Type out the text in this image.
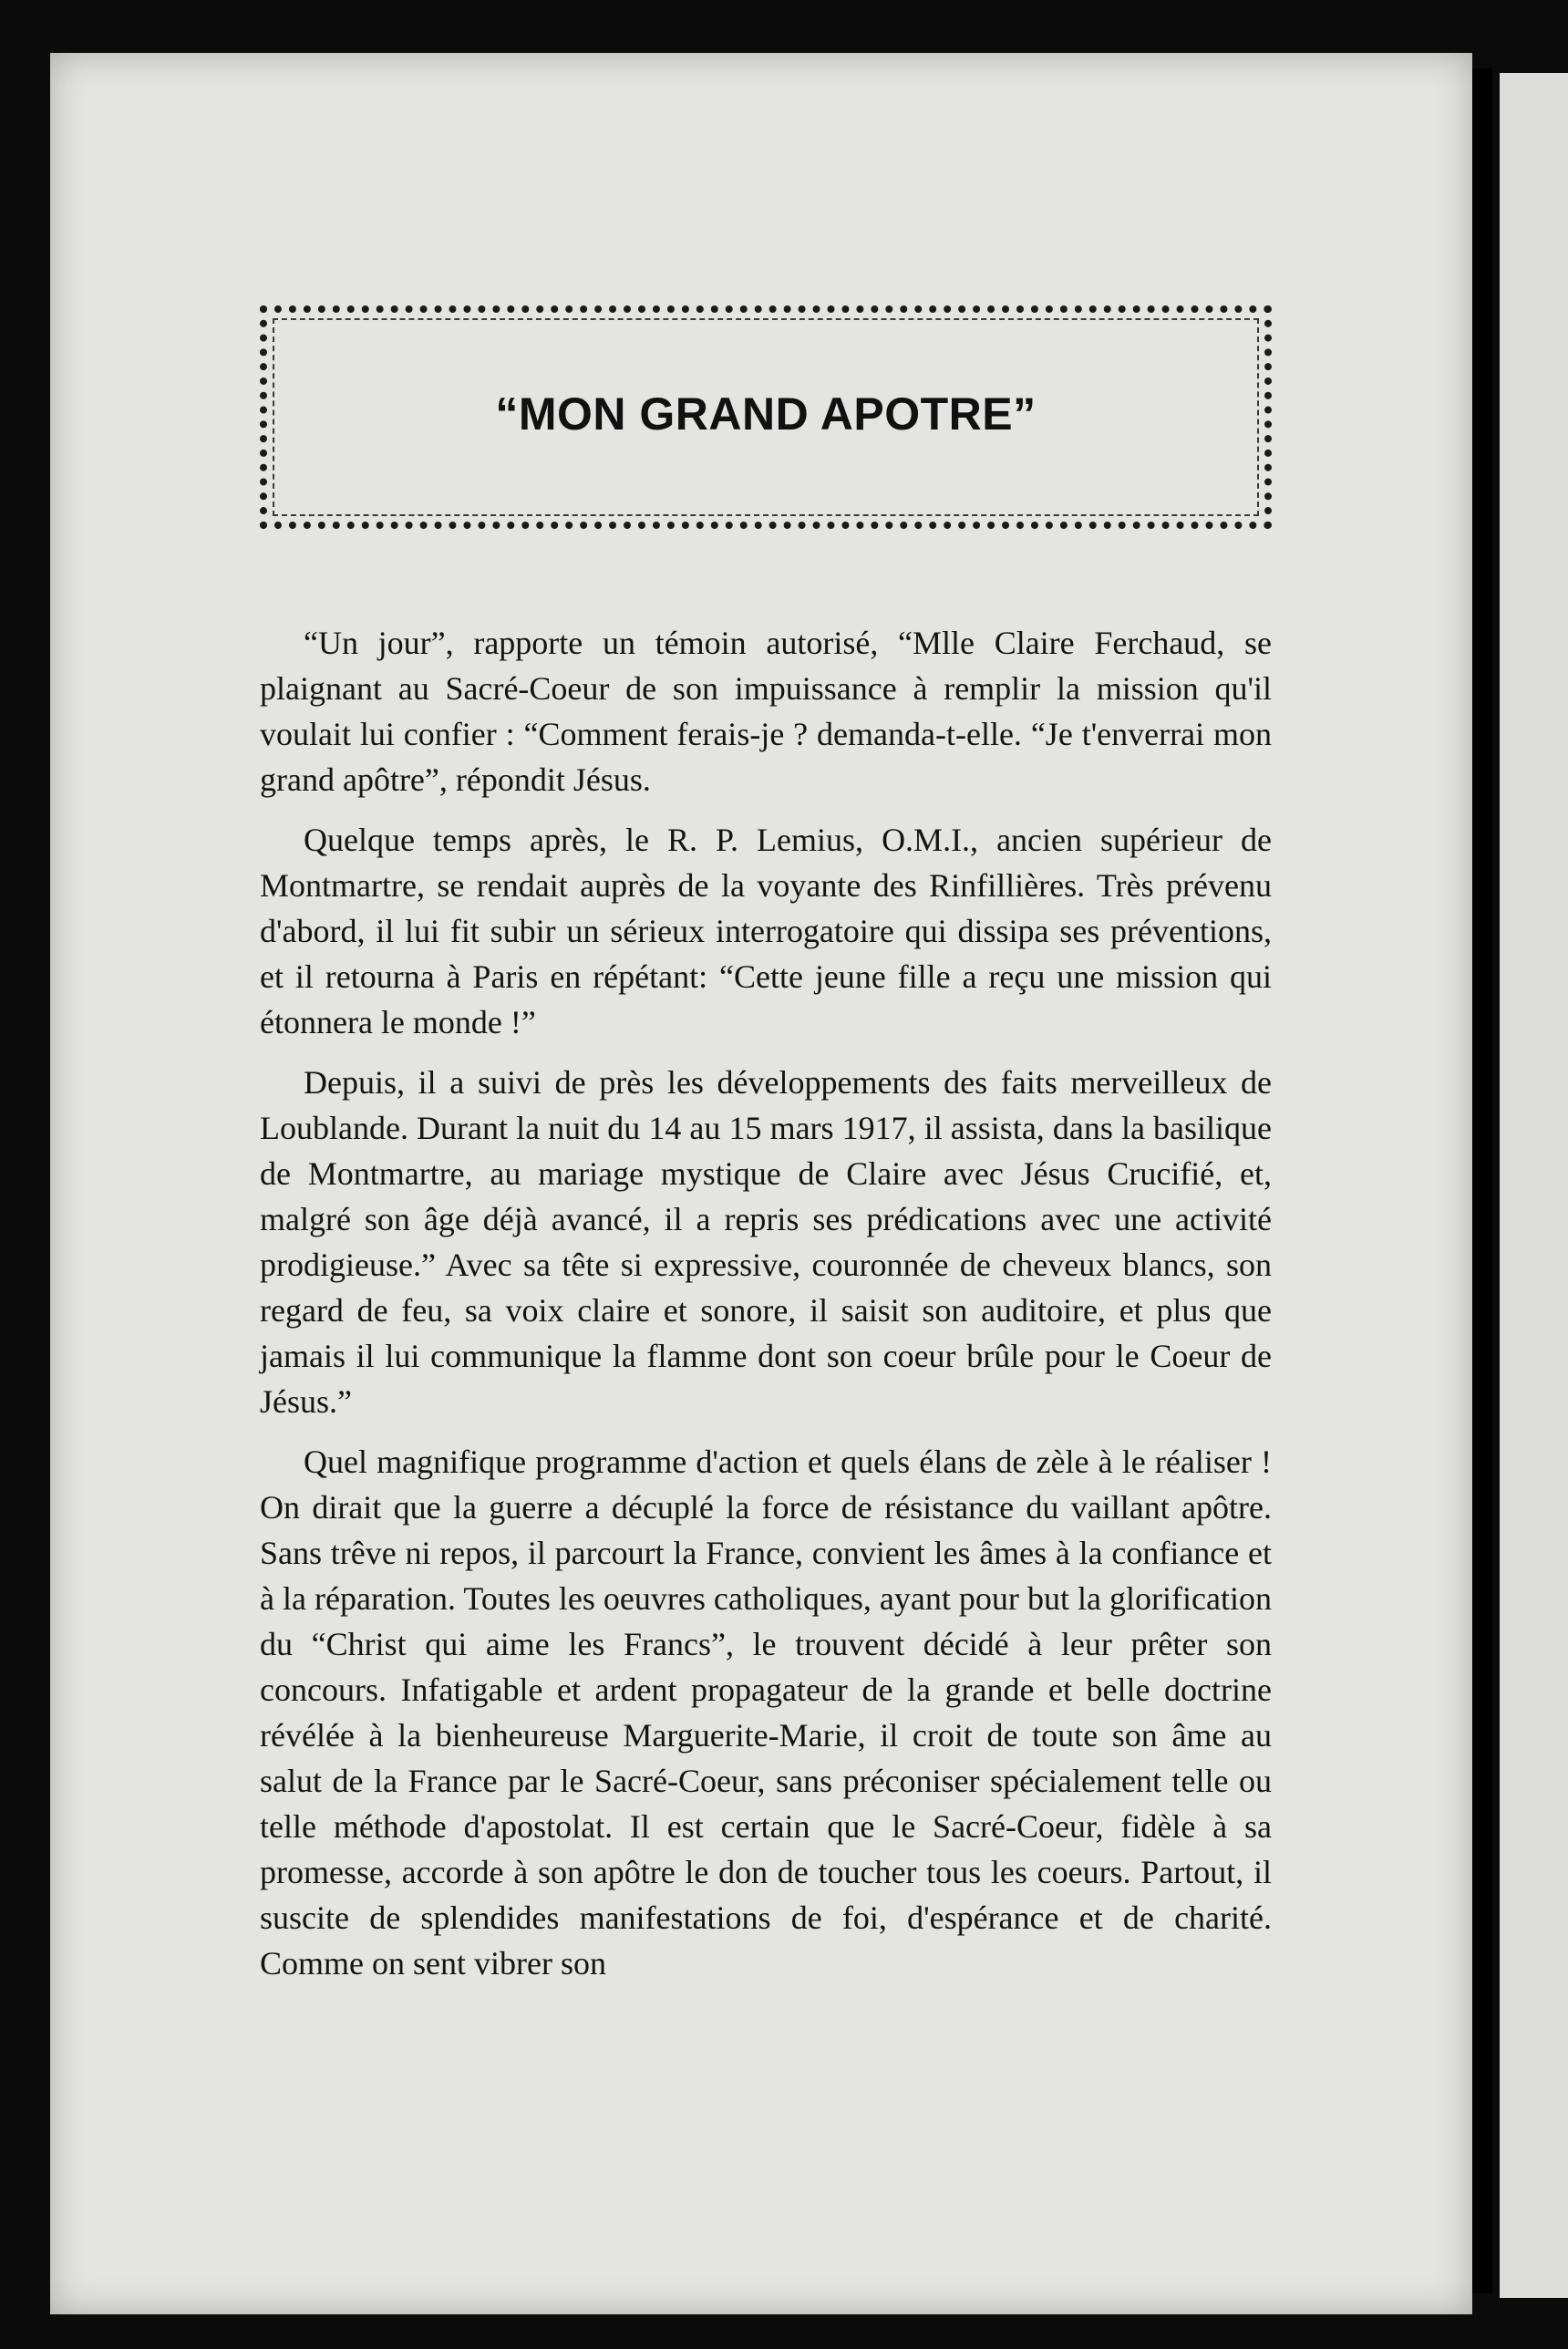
“MON GRAND APOTRE”

“Un jour”, rapporte un témoin autorisé, “Mlle Claire Ferchaud, se plaignant au Sacré-Coeur de son impuissance à remplir la mission qu'il voulait lui confier : “Comment ferais-je ? demanda-t-elle. “Je t'enverrai mon grand apôtre”, répondit Jésus.

Quelque temps après, le R. P. Lemius, O.M.I., ancien supérieur de Montmartre, se rendait auprès de la voyante des Rinfillières. Très prévenu d'abord, il lui fit subir un sérieux interrogatoire qui dissipa ses préventions, et il retourna à Paris en répétant: “Cette jeune fille a reçu une mission qui étonnera le monde !”

Depuis, il a suivi de près les développements des faits merveilleux de Loublande. Durant la nuit du 14 au 15 mars 1917, il assista, dans la basilique de Montmartre, au mariage mystique de Claire avec Jésus Crucifié, et, malgré son âge déjà avancé, il a repris ses prédications avec une activité prodigieuse.” Avec sa tête si expressive, couronnée de cheveux blancs, son regard de feu, sa voix claire et sonore, il saisit son auditoire, et plus que jamais il lui communique la flamme dont son coeur brûle pour le Coeur de Jésus.”

Quel magnifique programme d'action et quels élans de zèle à le réaliser ! On dirait que la guerre a décuplé la force de résistance du vaillant apôtre. Sans trêve ni repos, il parcourt la France, convient les âmes à la confiance et à la réparation. Toutes les oeuvres catholiques, ayant pour but la glorification du “Christ qui aime les Francs”, le trouvent décidé à leur prêter son concours. Infatigable et ardent propagateur de la grande et belle doctrine révélée à la bienheureuse Marguerite-Marie, il croit de toute son âme au salut de la France par le Sacré-Coeur, sans préconiser spécialement telle ou telle méthode d'apostolat. Il est certain que le Sacré-Coeur, fidèle à sa promesse, accorde à son apôtre le don de toucher tous les coeurs. Partout, il suscite de splendides manifestations de foi, d'espérance et de charité. Comme on sent vibrer son
